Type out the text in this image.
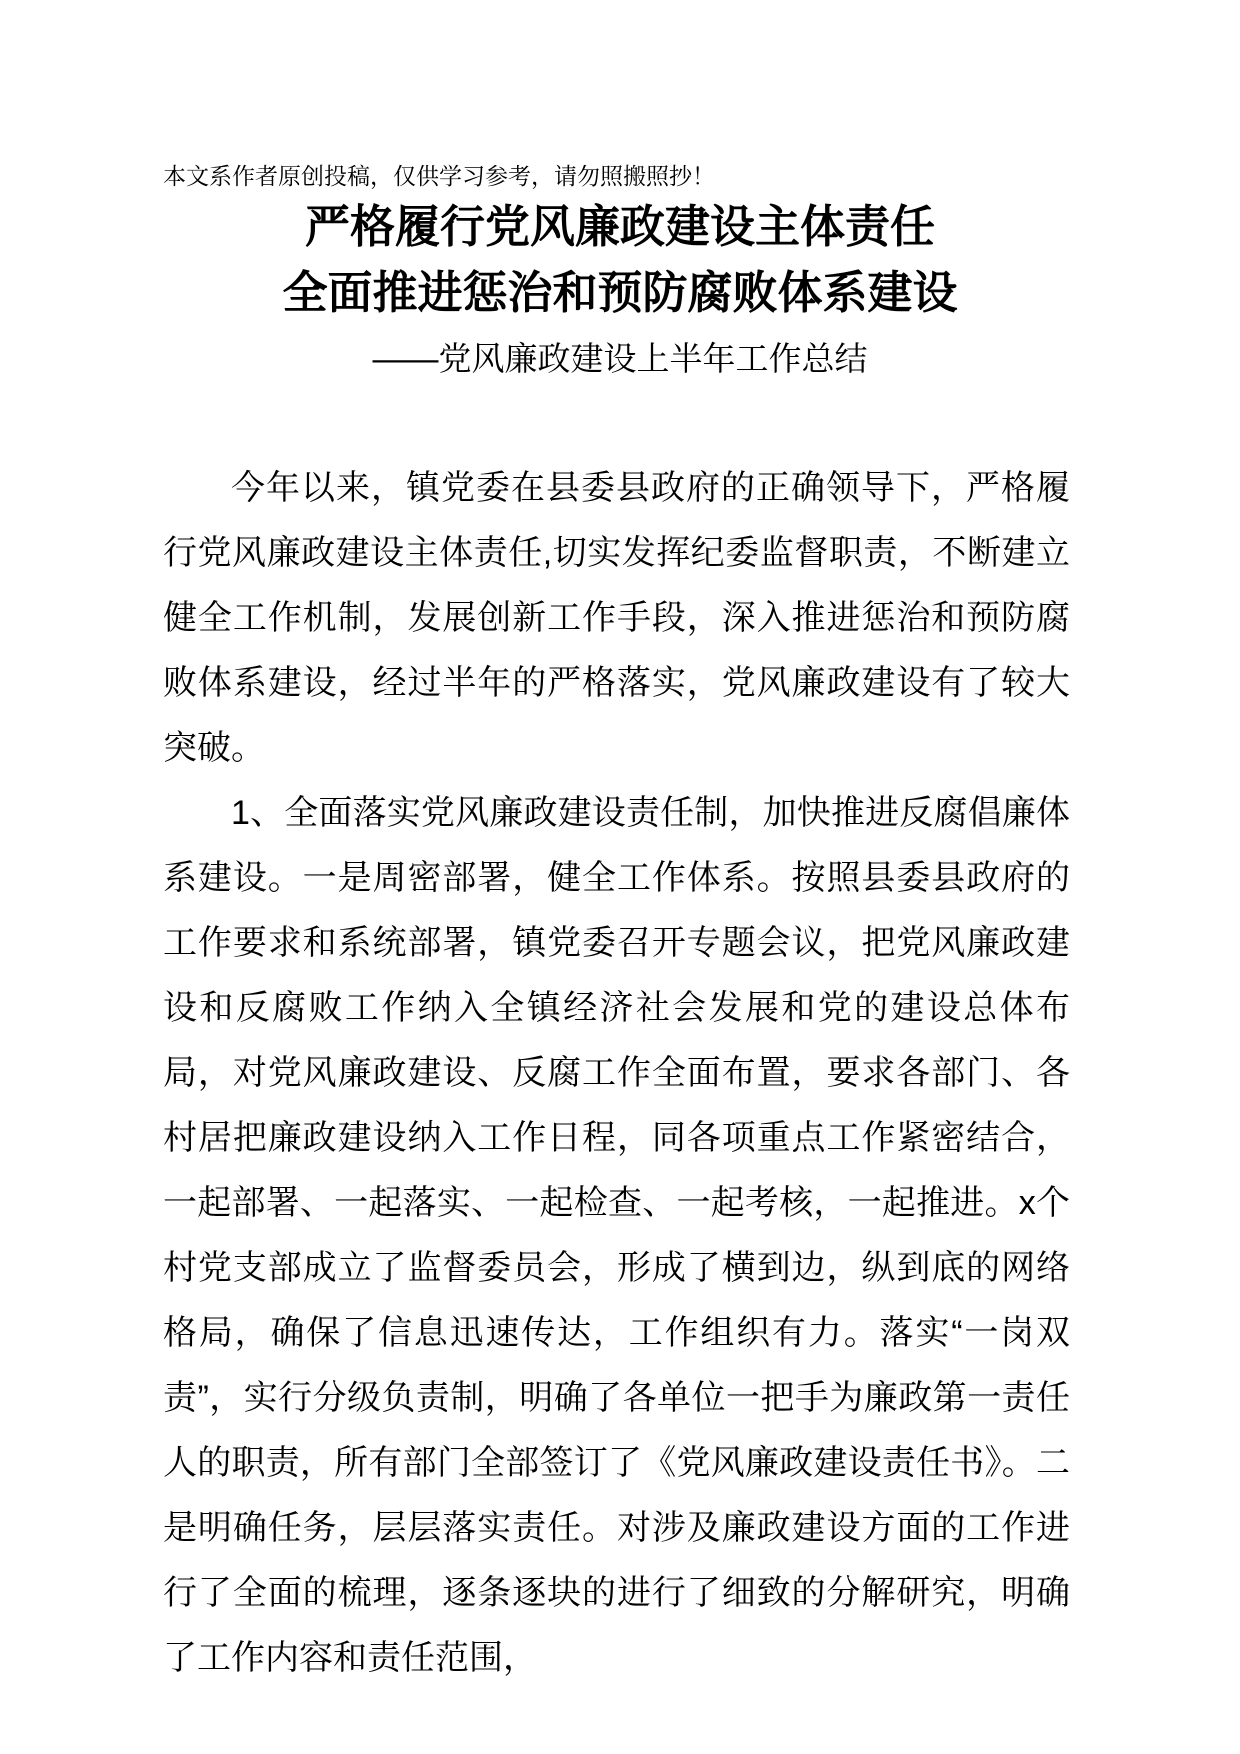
本文系作者原创投稿，仅供学习参考，请勿照搬照抄！
严格履行党风廉政建设主体责任
全面推进惩治和预防腐败体系建设
——党风廉政建设上半年工作总结

今年以来，镇党委在县委县政府的正确领导下，严格履行党风廉政建设主体责任,切实发挥纪委监督职责，不断建立健全工作机制，发展创新工作手段，深入推进惩治和预防腐败体系建设，经过半年的严格落实，党风廉政建设有了较大突破。

1、全面落实党风廉政建设责任制，加快推进反腐倡廉体系建设。一是周密部署，健全工作体系。按照县委县政府的工作要求和系统部署，镇党委召开专题会议，把党风廉政建设和反腐败工作纳入全镇经济社会发展和党的建设总体布局，对党风廉政建设、反腐工作全面布置，要求各部门、各村居把廉政建设纳入工作日程，同各项重点工作紧密结合，一起部署、一起落实、一起检查、一起考核，一起推进。x个村党支部成立了监督委员会，形成了横到边，纵到底的网络格局，确保了信息迅速传达，工作组织有力。落实“一岗双责”，实行分级负责制，明确了各单位一把手为廉政第一责任人的职责，所有部门全部签订了《党风廉政建设责任书》。二是明确任务，层层落实责任。对涉及廉政建设方面的工作进行了全面的梳理，逐条逐块的进行了细致的分解研究，明确了工作内容和责任范围，
